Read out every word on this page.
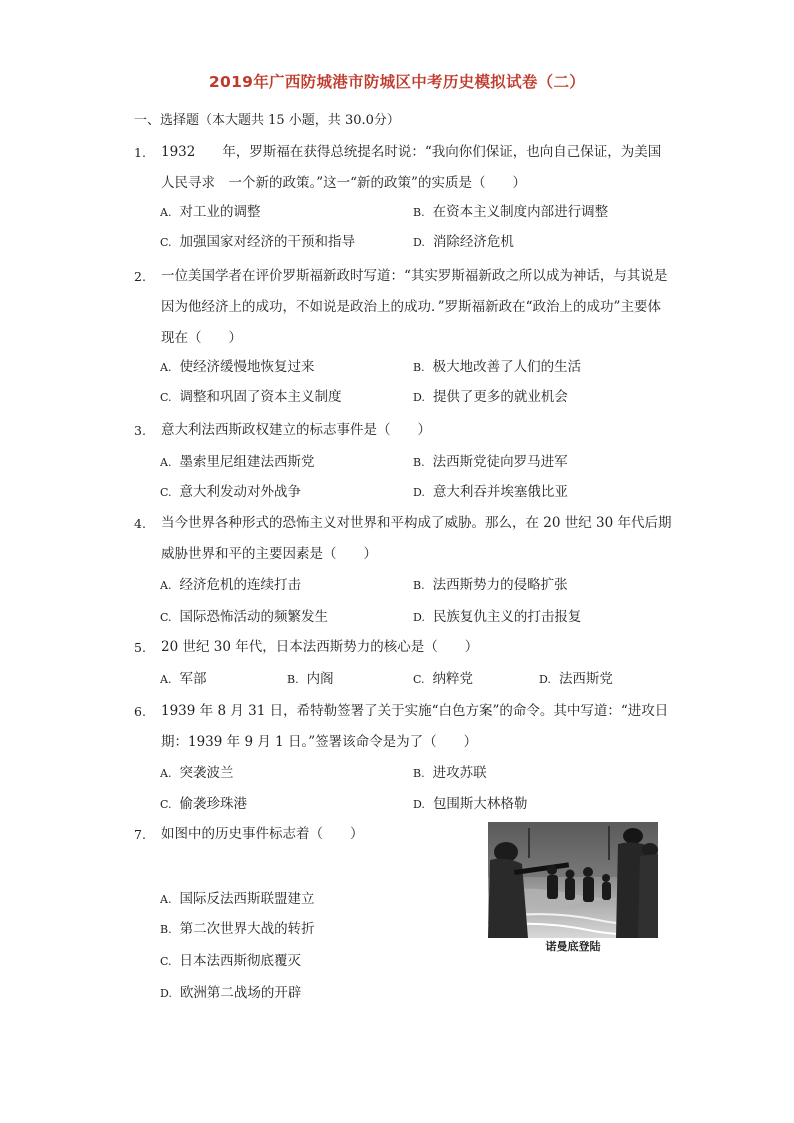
2019年广西防城港市防城区中考历史模拟试卷（二）
一、选择题（本大题共 15 小题，共 30.0分）
1.	1932　　年，罗斯福在获得总统提名时说：“我向你们保证，也向自己保证，为美国人民寻求　一个新的政策。”这一“新的政策”的实质是（　　）
A. 对工业的调整	B. 在资本主义制度内部进行调整
C. 加强国家对经济的干预和指导	D. 消除经济危机
2.	一位美国学者在评价罗斯福新政时写道：“其实罗斯福新政之所以成为神话，与其说是因为他经济上的成功，不如说是政治上的成功．”罗斯福新政在“政治上的成功”主要体现在（　　）
A. 使经济缓慢地恢复过来	B. 极大地改善了人们的生活
C. 调整和巩固了资本主义制度	D. 提供了更多的就业机会
3.	意大利法西斯政权建立的标志事件是（　　）
A. 墨索里尼组建法西斯党	B. 法西斯党徒向罗马进军
C. 意大利发动对外战争	D. 意大利吞并埃塞俄比亚
4.	当今世界各种形式的恐怖主义对世界和平构成了威胁。那么，在 20 世纪 30 年代后期威胁世界和平的主要因素是（　　）
A. 经济危机的连续打击	B. 法西斯势力的侵略扩张
C. 国际恐怖活动的频繁发生	D. 民族复仇主义的打击报复
5.	20 世纪 30 年代，日本法西斯势力的核心是（　　）
A. 军部	B. 内阁	C. 纳粹党	D. 法西斯党
6.	1939 年 8 月 31 日，希特勒签署了关于实施“白色方案”的命令。其中写道：“进攻日期：1939 年 9 月 1 日。”签署该命令是为了（　　）
A. 突袭波兰	B. 进攻苏联
C. 偷袭珍珠港	D. 包围斯大林格勒
7.	如图中的历史事件标志着（　　）
A. 国际反法西斯联盟建立
B. 第二次世界大战的转折
C. 日本法西斯彻底覆灭
D. 欧洲第二战场的开辟
诺曼底登陆
